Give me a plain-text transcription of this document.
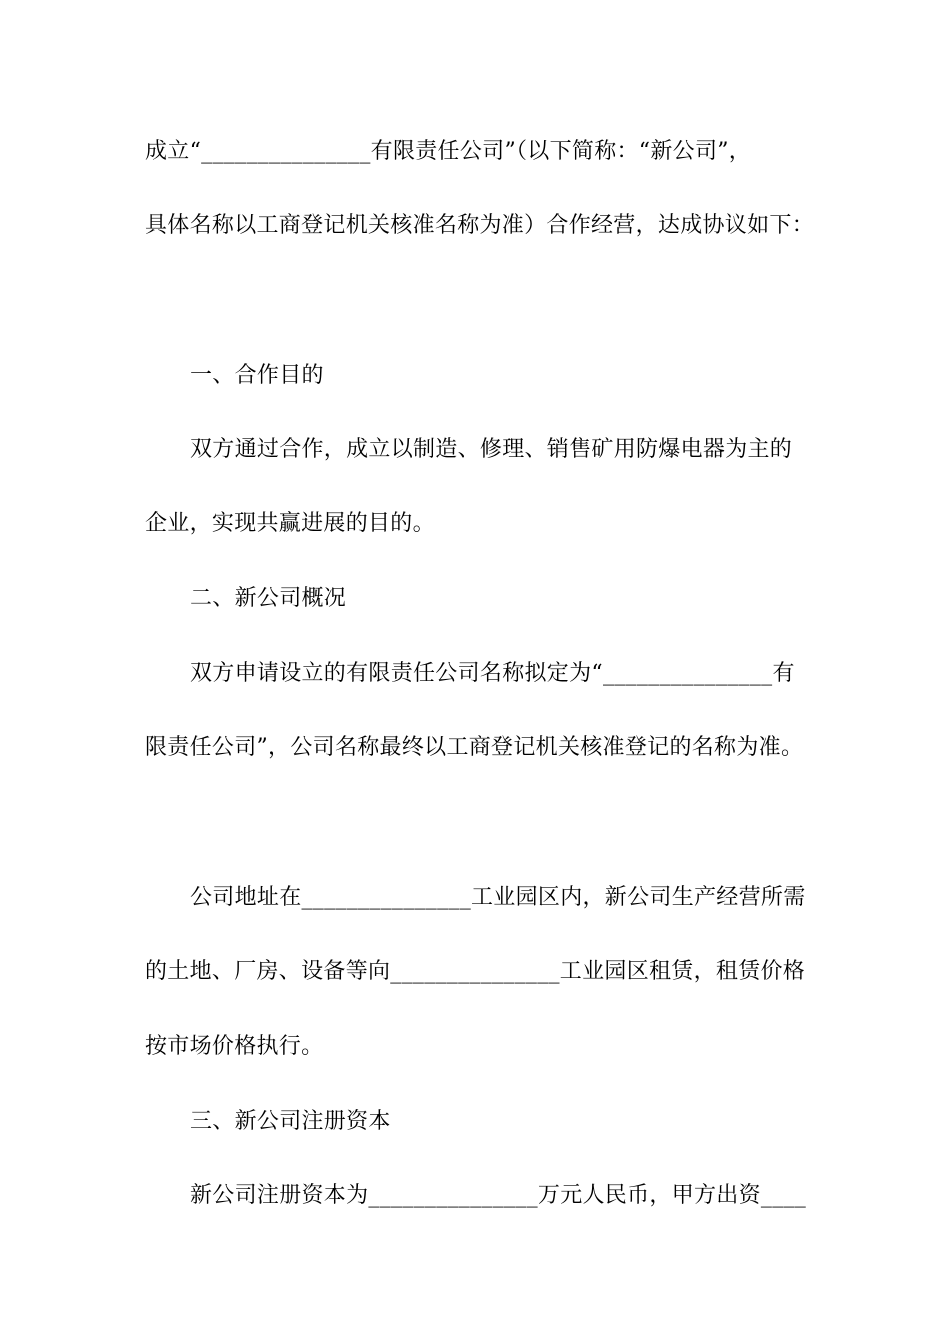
成立“_______________有限责任公司”（以下简称：“新公司”，
具体名称以工商登记机关核准名称为准）合作经营，达成协议如下：
一、合作目的
双方通过合作，成立以制造、修理、销售矿用防爆电器为主的
企业，实现共赢进展的目的。
二、新公司概况
双方申请设立的有限责任公司名称拟定为“_______________有
限责任公司”，公司名称最终以工商登记机关核准登记的名称为准。
公司地址在_______________工业园区内，新公司生产经营所需
的土地、厂房、设备等向_______________工业园区租赁，租赁价格
按市场价格执行。
三、新公司注册资本
新公司注册资本为_______________万元人民币，甲方出资____
